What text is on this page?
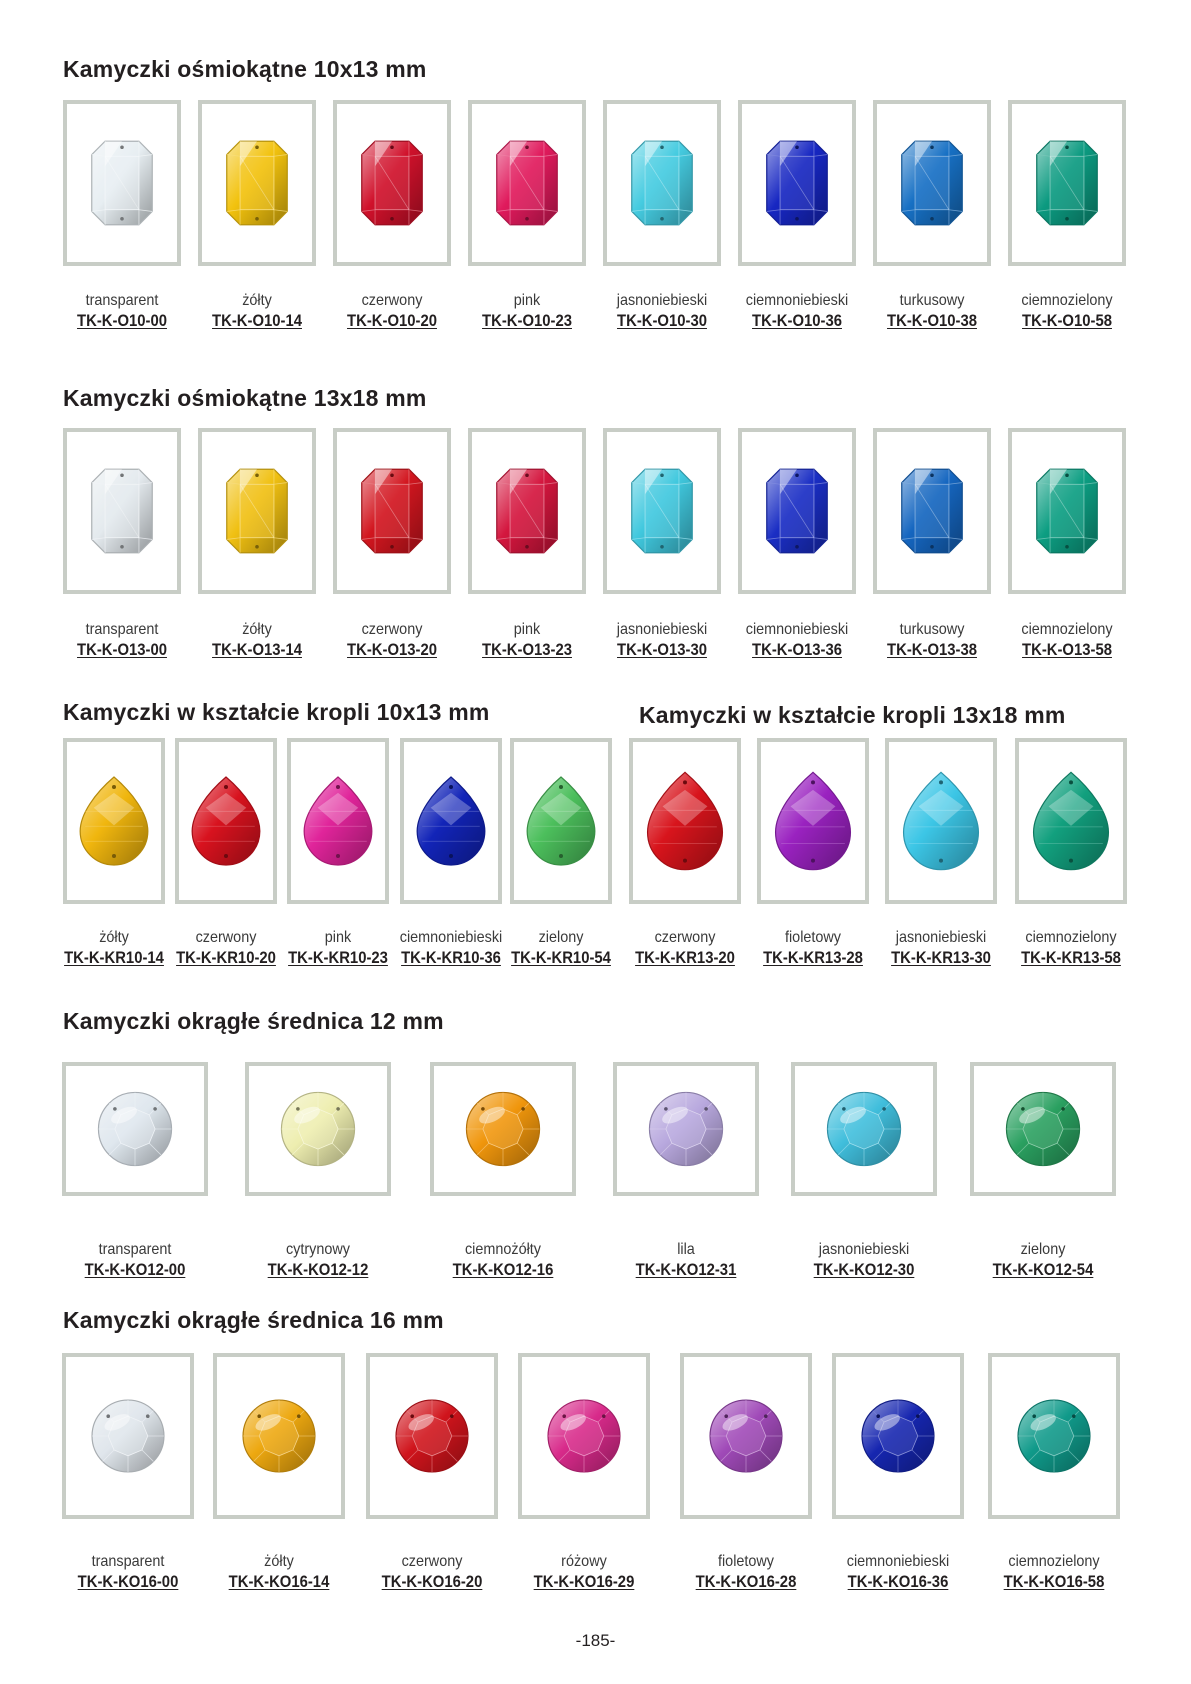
Kamyczki ośmiokątne 10x13 mm
transparent
TK-K-O10-00
żółty
TK-K-O10-14
czerwony
TK-K-O10-20
pink
TK-K-O10-23
jasnoniebieski
TK-K-O10-30
ciemnoniebieski
TK-K-O10-36
turkusowy
TK-K-O10-38
ciemnozielony
TK-K-O10-58
Kamyczki ośmiokątne 13x18 mm
transparent
TK-K-O13-00
żółty
TK-K-O13-14
czerwony
TK-K-O13-20
pink
TK-K-O13-23
jasnoniebieski
TK-K-O13-30
ciemnoniebieski
TK-K-O13-36
turkusowy
TK-K-O13-38
ciemnozielony
TK-K-O13-58
Kamyczki w kształcie kropli 10x13 mm
żółty
TK-K-KR10-14
czerwony
TK-K-KR10-20
pink
TK-K-KR10-23
ciemnoniebieski
TK-K-KR10-36
zielony
TK-K-KR10-54
Kamyczki w kształcie kropli 13x18 mm
czerwony
TK-K-KR13-20
fioletowy
TK-K-KR13-28
jasnoniebieski
TK-K-KR13-30
ciemnozielony
TK-K-KR13-58
Kamyczki okrągłe średnica 12 mm
transparent
TK-K-KO12-00
cytrynowy
TK-K-KO12-12
ciemnożółty
TK-K-KO12-16
lila
TK-K-KO12-31
jasnoniebieski
TK-K-KO12-30
zielony
TK-K-KO12-54
Kamyczki okrągłe średnica 16 mm
transparent
TK-K-KO16-00
żółty
TK-K-KO16-14
czerwony
TK-K-KO16-20
różowy
TK-K-KO16-29
fioletowy
TK-K-KO16-28
ciemnoniebieski
TK-K-KO16-36
ciemnozielony
TK-K-KO16-58
-185-
